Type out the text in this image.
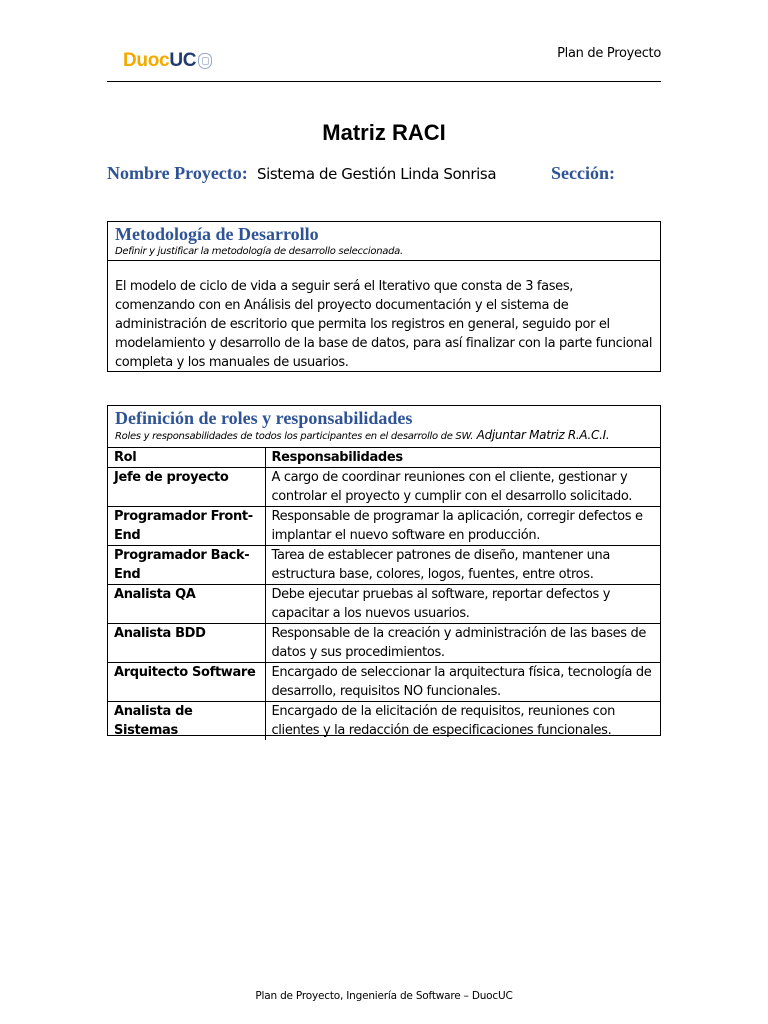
Duoc UC	Plan de Proyecto
Matriz RACI
Nombre Proyecto: Sistema de Gestión Linda Sonrisa	Sección:
Metodología de Desarrollo
Definir y justificar la metodología de desarrollo seleccionada.
El modelo de ciclo de vida a seguir será el Iterativo que consta de 3 fases, comenzando con en Análisis del proyecto documentación y el sistema de administración de escritorio que permita los registros en general, seguido por el modelamiento y desarrollo de la base de datos, para así finalizar con la parte funcional completa y los manuales de usuarios.
Definición de roles y responsabilidades
Roles y responsabilidades de todos los participantes en el desarrollo de SW. Adjuntar Matriz R.A.C.I.
Rol	Responsabilidades
Jefe de proyecto	A cargo de coordinar reuniones con el cliente, gestionar y controlar el proyecto y cumplir con el desarrollo solicitado.
Programador Front-End	Responsable de programar la aplicación, corregir defectos e implantar el nuevo software en producción.
Programador Back-End	Tarea de establecer patrones de diseño, mantener una estructura base, colores, logos, fuentes, entre otros.
Analista QA	Debe ejecutar pruebas al software, reportar defectos y capacitar a los nuevos usuarios.
Analista BDD	Responsable de la creación y administración de las bases de datos y sus procedimientos.
Arquitecto Software	Encargado de seleccionar la arquitectura física, tecnología de desarrollo, requisitos NO funcionales.
Analista de Sistemas	Encargado de la elicitación de requisitos, reuniones con clientes y la redacción de especificaciones funcionales.
Plan de Proyecto, Ingeniería de Software – DuocUC
